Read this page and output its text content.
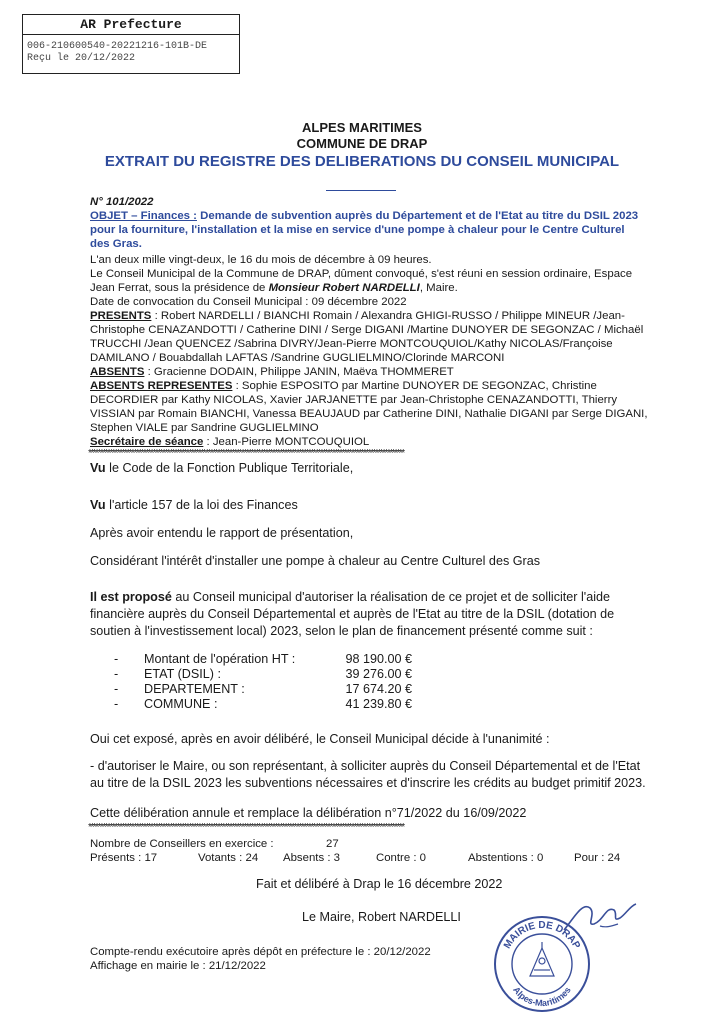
AR Prefecture
006-210600540-20221216-101B-DE
Reçu le 20/12/2022
ALPES MARITIMES
COMMUNE DE DRAP
EXTRAIT DU REGISTRE DES DELIBERATIONS DU CONSEIL MUNICIPAL
N° 101/2022
OBJET – Finances : Demande de subvention auprès du Département et de l'Etat au titre du DSIL 2023
pour la fourniture, l'installation et la mise en service d'une pompe à chaleur pour le Centre Culturel
des Gras.
L'an deux mille vingt-deux, le 16 du mois de décembre à 09 heures.
Le Conseil Municipal de la Commune de DRAP, dûment convoqué, s'est réuni en session ordinaire, Espace
Jean Ferrat, sous la présidence de Monsieur Robert NARDELLI, Maire.
Date de convocation du Conseil Municipal : 09 décembre 2022
PRESENTS : Robert NARDELLI / BIANCHI Romain / Alexandra GHIGI-RUSSO / Philippe MINEUR /Jean-
Christophe CENAZANDOTTI / Catherine DINI / Serge DIGANI /Martine DUNOYER DE SEGONZAC / Michaël
TRUCCHI /Jean QUENCEZ /Sabrina DIVRY/Jean-Pierre MONTCOUQUIOL/Kathy NICOLAS/Françoise
DAMILANO / Bouabdallah LAFTAS /Sandrine GUGLIELMINO/Clorinde MARCONI
ABSENTS : Gracienne DODAIN, Philippe JANIN, Maëva THOMMERET
ABSENTS REPRESENTES : Sophie ESPOSITO par Martine DUNOYER DE SEGONZAC, Christine
DECORDIER par Kathy NICOLAS, Xavier JARJANETTE par Jean-Christophe CENAZANDOTTI, Thierry
VISSIAN par Romain BIANCHI, Vanessa BEAUJAUD par Catherine DINI, Nathalie DIGANI par Serge DIGANI,
Stephen VIALE par Sandrine GUGLIELMINO
Secrétaire de séance : Jean-Pierre MONTCOUQUIOL
************************************************************************************************************************************
Vu le Code de la Fonction Publique Territoriale,
Vu l'article 157 de la loi des Finances
Après avoir entendu le rapport de présentation,
Considérant l'intérêt d'installer une pompe à chaleur au Centre Culturel des Gras
Il est proposé au Conseil municipal d'autoriser la réalisation de ce projet et de solliciter l'aide
financière auprès du Conseil Départemental et auprès de l'Etat au titre de la DSIL (dotation de
soutien à l'investissement local) 2023, selon le plan de financement présenté comme suit :
-	Montant de l'opération HT :	98 190.00 €
-	ETAT (DSIL) :	39 276.00 €
-	DEPARTEMENT :	17 674.20 €
-	COMMUNE :	41 239.80 €
Oui cet exposé, après en avoir délibéré, le Conseil Municipal décide à l'unanimité :
- d'autoriser le Maire, ou son représentant, à solliciter auprès du Conseil Départemental et de l'Etat
au titre de la DSIL 2023 les subventions nécessaires et d'inscrire les crédits au budget primitif 2023.
Cette délibération annule et remplace la délibération n°71/2022 du 16/09/2022
************************************************************************************************************************************
Nombre de Conseillers en exercice :	27
Présents : 17	Votants : 24 Absents : 3	Contre : 0	Abstentions : 0	Pour : 24
Fait et délibéré à Drap le 16 décembre 2022
Le Maire, Robert NARDELLI
Compte-rendu exécutoire après dépôt en préfecture le : 20/12/2022
Affichage en mairie le : 21/12/2022
MAIRIE DE DRAP
Alpes-Maritimes
